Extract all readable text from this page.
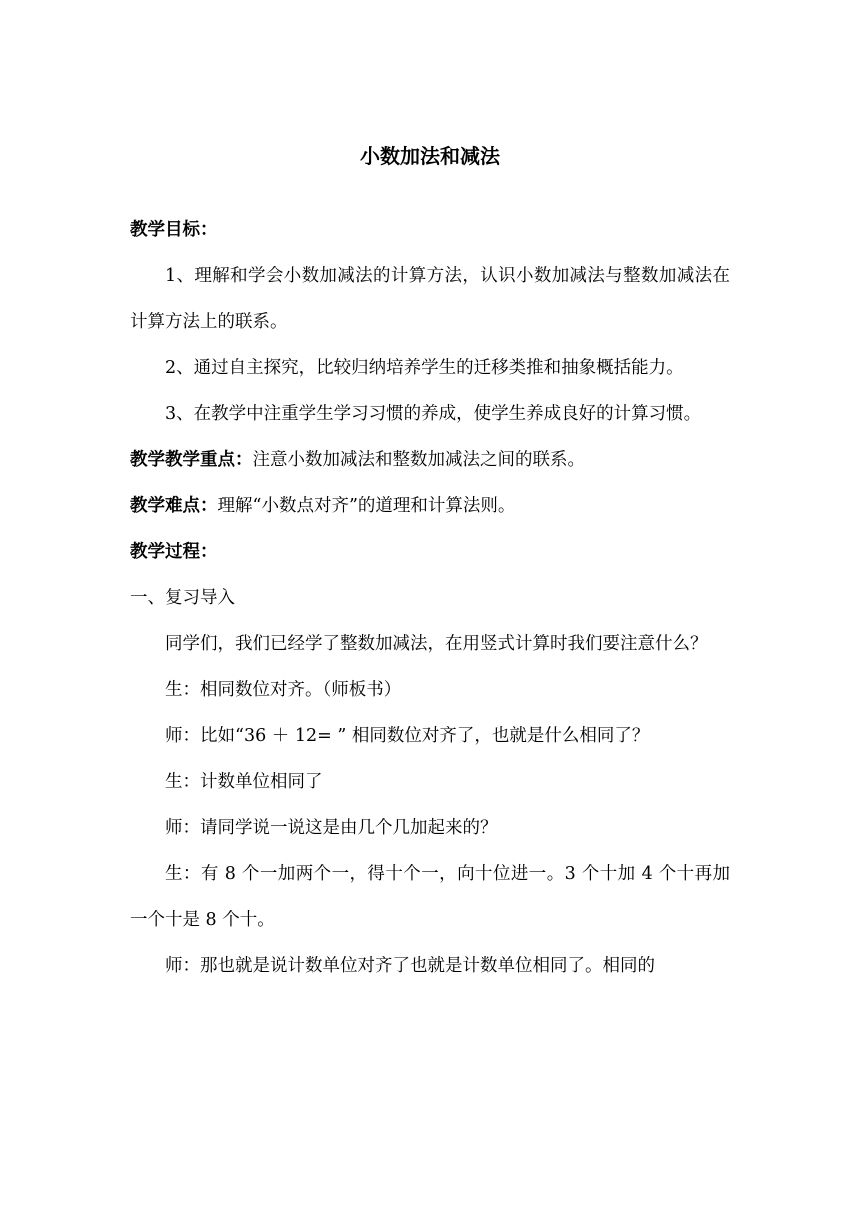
小数加法和减法

教学目标：

1、理解和学会小数加减法的计算方法，认识小数加减法与整数加减法在计算方法上的联系。

2、通过自主探究，比较归纳培养学生的迁移类推和抽象概括能力。

3、在教学中注重学生学习习惯的养成，使学生养成良好的计算习惯。

教学教学重点：注意小数加减法和整数加减法之间的联系。

教学难点：理解“小数点对齐”的道理和计算法则。

教学过程：

一、复习导入

同学们，我们已经学了整数加减法，在用竖式计算时我们要注意什么？

生：相同数位对齐。（师板书）

师：比如“36 ＋ 12= ” 相同数位对齐了，也就是什么相同了？

生：计数单位相同了

师：请同学说一说这是由几个几加起来的？

生：有 8 个一加两个一，得十个一，向十位进一。3 个十加 4 个十再加一个十是 8 个十。

师：那也就是说计数单位对齐了也就是计数单位相同了。相同的
